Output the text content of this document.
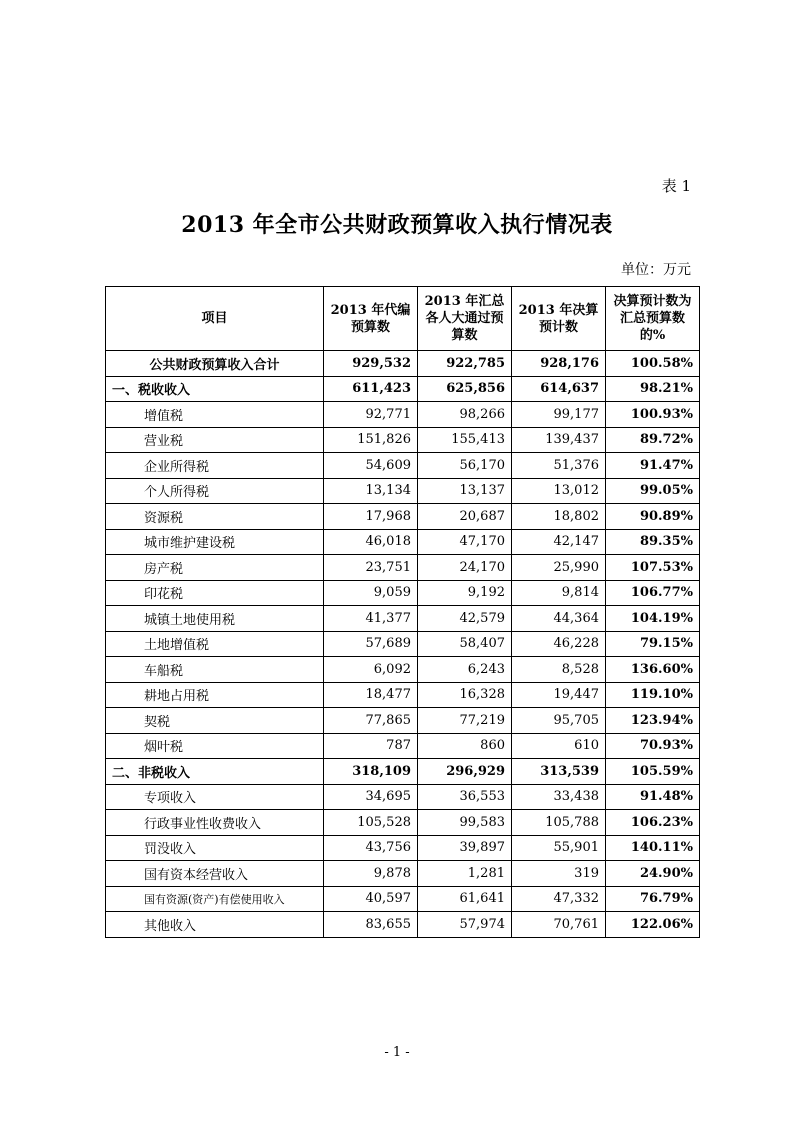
表 1
2013 年全市公共财政预算收入执行情况表
单位：万元
项目	2013 年代编预算数	2013 年汇总各人大通过预算数	2013 年决算预计数	决算预计数为汇总预算数的%
公共财政预算收入合计	929,532	922,785	928,176	100.58%
一、税收收入	611,423	625,856	614,637	98.21%
增值税	92,771	98,266	99,177	100.93%
营业税	151,826	155,413	139,437	89.72%
企业所得税	54,609	56,170	51,376	91.47%
个人所得税	13,134	13,137	13,012	99.05%
资源税	17,968	20,687	18,802	90.89%
城市维护建设税	46,018	47,170	42,147	89.35%
房产税	23,751	24,170	25,990	107.53%
印花税	9,059	9,192	9,814	106.77%
城镇土地使用税	41,377	42,579	44,364	104.19%
土地增值税	57,689	58,407	46,228	79.15%
车船税	6,092	6,243	8,528	136.60%
耕地占用税	18,477	16,328	19,447	119.10%
契税	77,865	77,219	95,705	123.94%
烟叶税	787	860	610	70.93%
二、非税收入	318,109	296,929	313,539	105.59%
专项收入	34,695	36,553	33,438	91.48%
行政事业性收费收入	105,528	99,583	105,788	106.23%
罚没收入	43,756	39,897	55,901	140.11%
国有资本经营收入	9,878	1,281	319	24.90%
国有资源(资产)有偿使用收入	40,597	61,641	47,332	76.79%
其他收入	83,655	57,974	70,761	122.06%
- 1 -
